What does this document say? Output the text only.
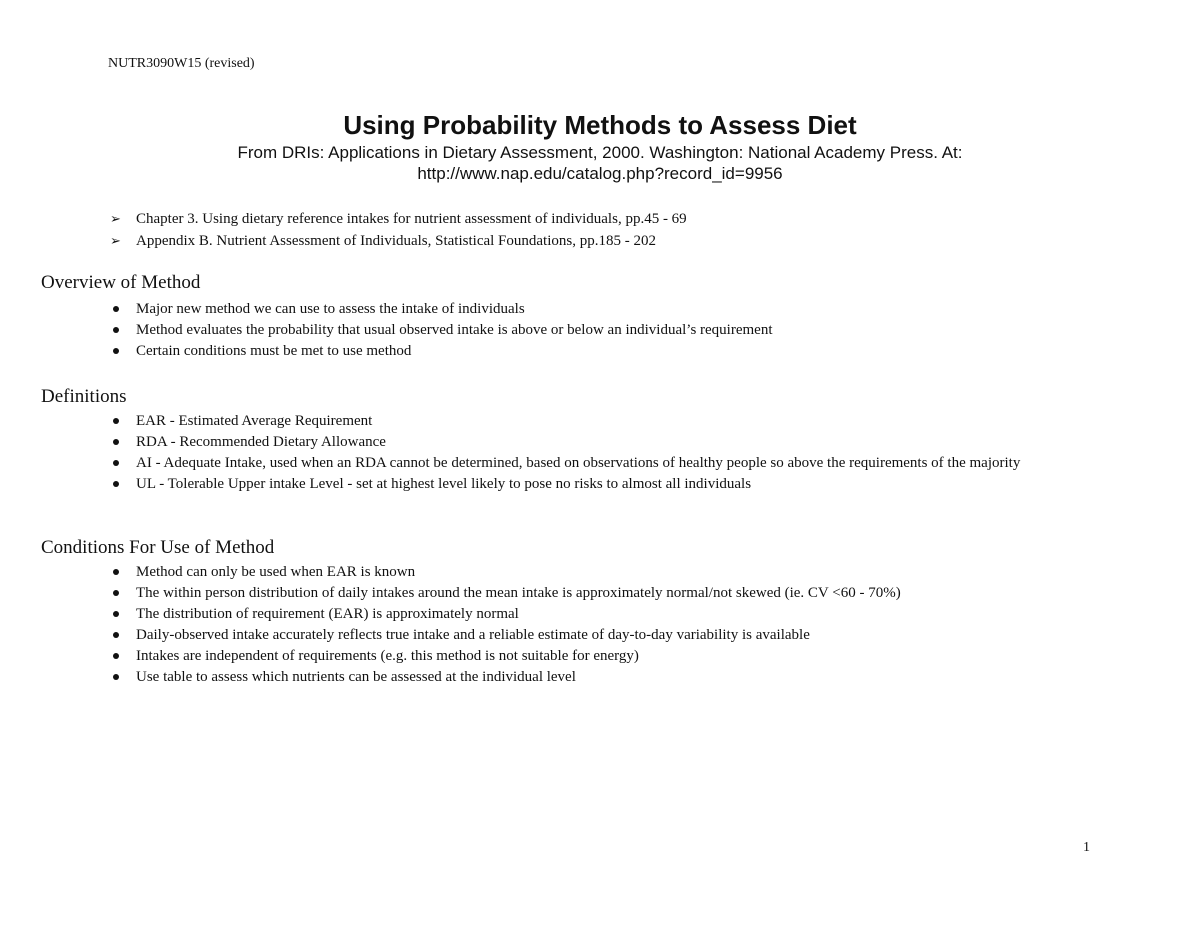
NUTR3090W15 (revised)
Using Probability Methods to Assess Diet

From DRIs: Applications in Dietary Assessment, 2000. Washington: National Academy Press. At:

http://www.nap.edu/catalog.php?record_id=9956

➢ Chapter 3. Using dietary reference intakes for nutrient assessment of individuals, pp.45 - 69
➢ Appendix B. Nutrient Assessment of Individuals, Statistical Foundations, pp.185 - 202
Overview of Method
Major new method we can use to assess the intake of individuals
Method evaluates the probability that usual observed intake is above or below an individual’s requirement
Certain conditions must be met to use method
Definitions
EAR - Estimated Average Requirement
RDA - Recommended Dietary Allowance
AI - Adequate Intake, used when an RDA cannot be determined, based on observations of healthy people so above the requirements of the majority
UL - Tolerable Upper intake Level - set at highest level likely to pose no risks to almost all individuals
Conditions For Use of Method
Method can only be used when EAR is known
The within person distribution of daily intakes around the mean intake is approximately normal/not skewed (ie. CV <60 - 70%)
The distribution of requirement (EAR) is approximately normal
Daily-observed intake accurately reflects true intake and a reliable estimate of day-to-day variability is available
Intakes are independent of requirements (e.g. this method is not suitable for energy)
Use table to assess which nutrients can be assessed at the individual level
1
